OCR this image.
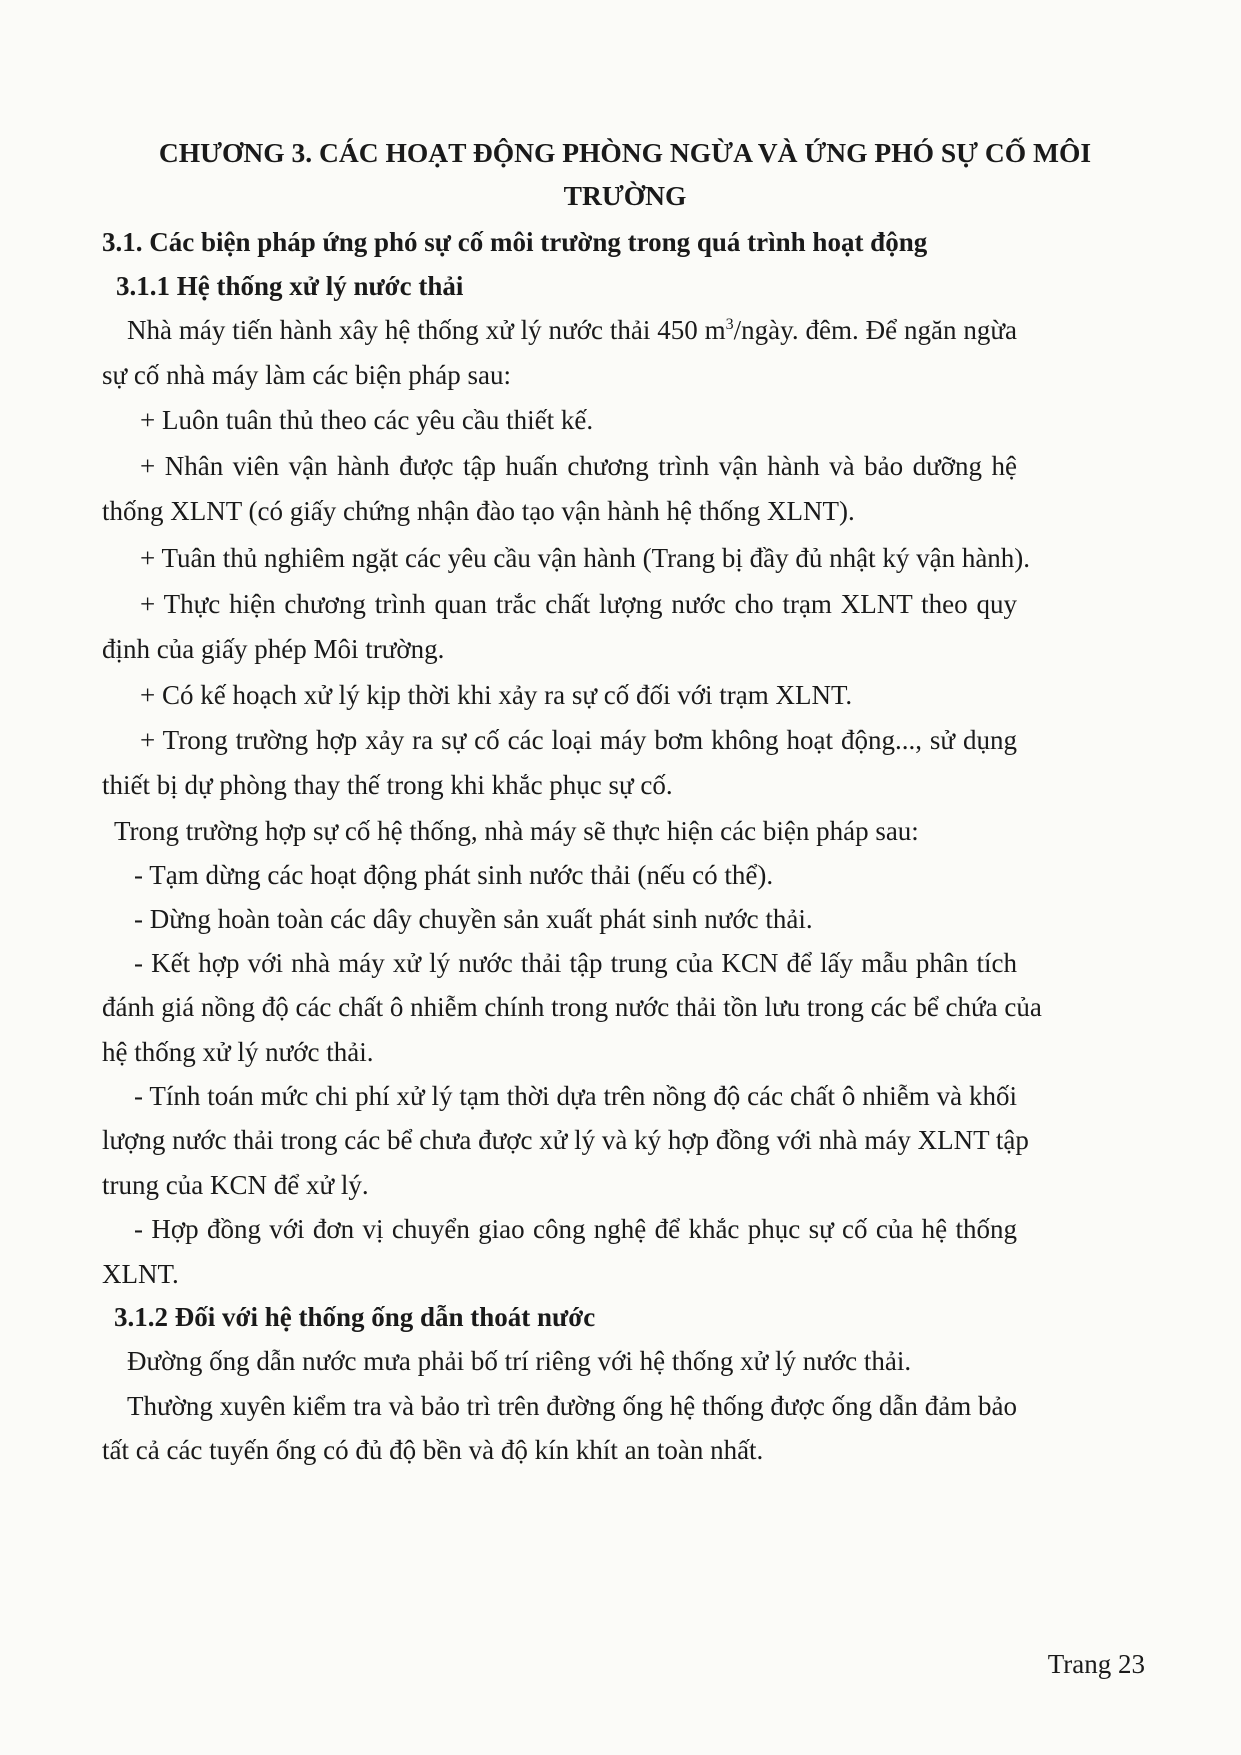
CHƯƠNG 3. CÁC HOẠT ĐỘNG PHÒNG NGỪA VÀ ỨNG PHÓ SỰ CỐ MÔI
TRƯỜNG
3.1. Các biện pháp ứng phó sự cố môi trường trong quá trình hoạt động
3.1.1 Hệ thống xử lý nước thải
Nhà máy tiến hành xây hệ thống xử lý nước thải 450 $m^3$/ngày. đêm. Để ngăn ngừa
sự cố nhà máy làm các biện pháp sau:
+ Luôn tuân thủ theo các yêu cầu thiết kế.
+ Nhân viên vận hành được tập huấn chương trình vận hành và bảo dưỡng hệ
thống XLNT (có giấy chứng nhận đào tạo vận hành hệ thống XLNT).
+ Tuân thủ nghiêm ngặt các yêu cầu vận hành (Trang bị đầy đủ nhật ký vận hành).
+ Thực hiện chương trình quan trắc chất lượng nước cho trạm XLNT theo quy
định của giấy phép Môi trường.
+ Có kế hoạch xử lý kịp thời khi xảy ra sự cố đối với trạm XLNT.
+ Trong trường hợp xảy ra sự cố các loại máy bơm không hoạt động..., sử dụng
thiết bị dự phòng thay thế trong khi khắc phục sự cố.
Trong trường hợp sự cố hệ thống, nhà máy sẽ thực hiện các biện pháp sau:
- Tạm dừng các hoạt động phát sinh nước thải (nếu có thể).
- Dừng hoàn toàn các dây chuyền sản xuất phát sinh nước thải.
- Kết hợp với nhà máy xử lý nước thải tập trung của KCN để lấy mẫu phân tích
đánh giá nồng độ các chất ô nhiễm chính trong nước thải tồn lưu trong các bể chứa của
hệ thống xử lý nước thải.
- Tính toán mức chi phí xử lý tạm thời dựa trên nồng độ các chất ô nhiễm và khối
lượng nước thải trong các bể chưa được xử lý và ký hợp đồng với nhà máy XLNT tập
trung của KCN để xử lý.
- Hợp đồng với đơn vị chuyển giao công nghệ để khắc phục sự cố của hệ thống
XLNT.
3.1.2 Đối với hệ thống ống dẫn thoát nước
Đường ống dẫn nước mưa phải bố trí riêng với hệ thống xử lý nước thải.
Thường xuyên kiểm tra và bảo trì trên đường ống hệ thống được ống dẫn đảm bảo
tất cả các tuyến ống có đủ độ bền và độ kín khít an toàn nhất.
Trang 23
